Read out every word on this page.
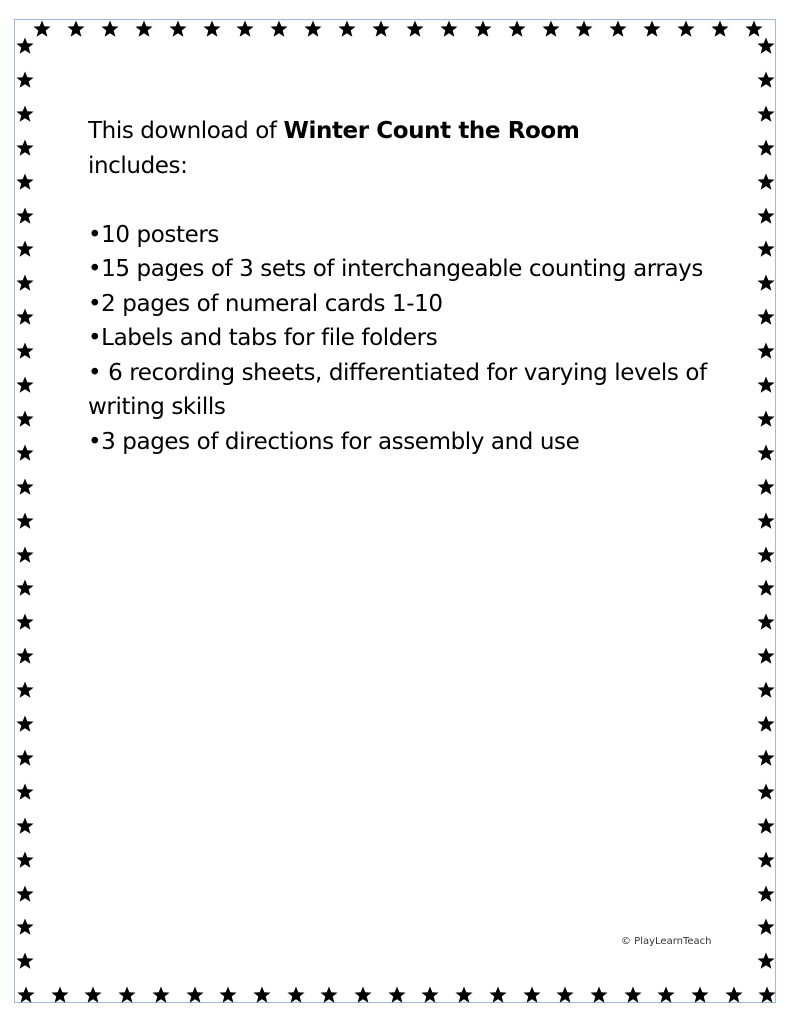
This download of Winter Count the Room
includes:

•10 posters

•15 pages of 3 sets of interchangeable counting arrays

•2 pages of numeral cards 1-10

•Labels and tabs for file folders

• 6 recording sheets, differentiated for varying levels of writing skills

•3 pages of directions for assembly and use

© PlayLearnTeach
